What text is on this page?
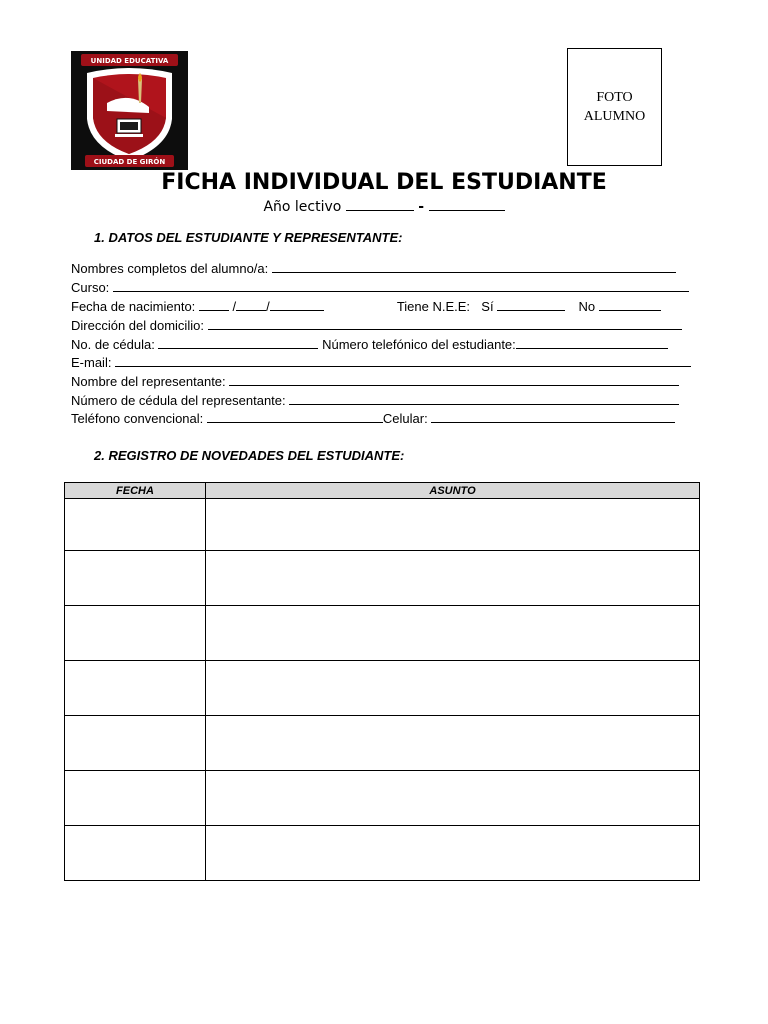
UNIDAD EDUCATIVA
CIUDAD DE GIRÓN
FOTO
ALUMNO
FICHA INDIVIDUAL DEL ESTUDIANTE
Año lectivo	-
1. DATOS DEL ESTUDIANTE Y REPRESENTANTE:
Nombres completos del alumno/a:
Curso:
Fecha de nacimiento:	/ /	Tiene N.E.E: Sí	No
Dirección del domicilio:
No. de cédula:	Número telefónico del estudiante:
E-mail:
Nombre del representante:
Número de cédula del representante:
Teléfono convencional:	Celular:
2. REGISTRO DE NOVEDADES DEL ESTUDIANTE:
FECHA	ASUNTO
